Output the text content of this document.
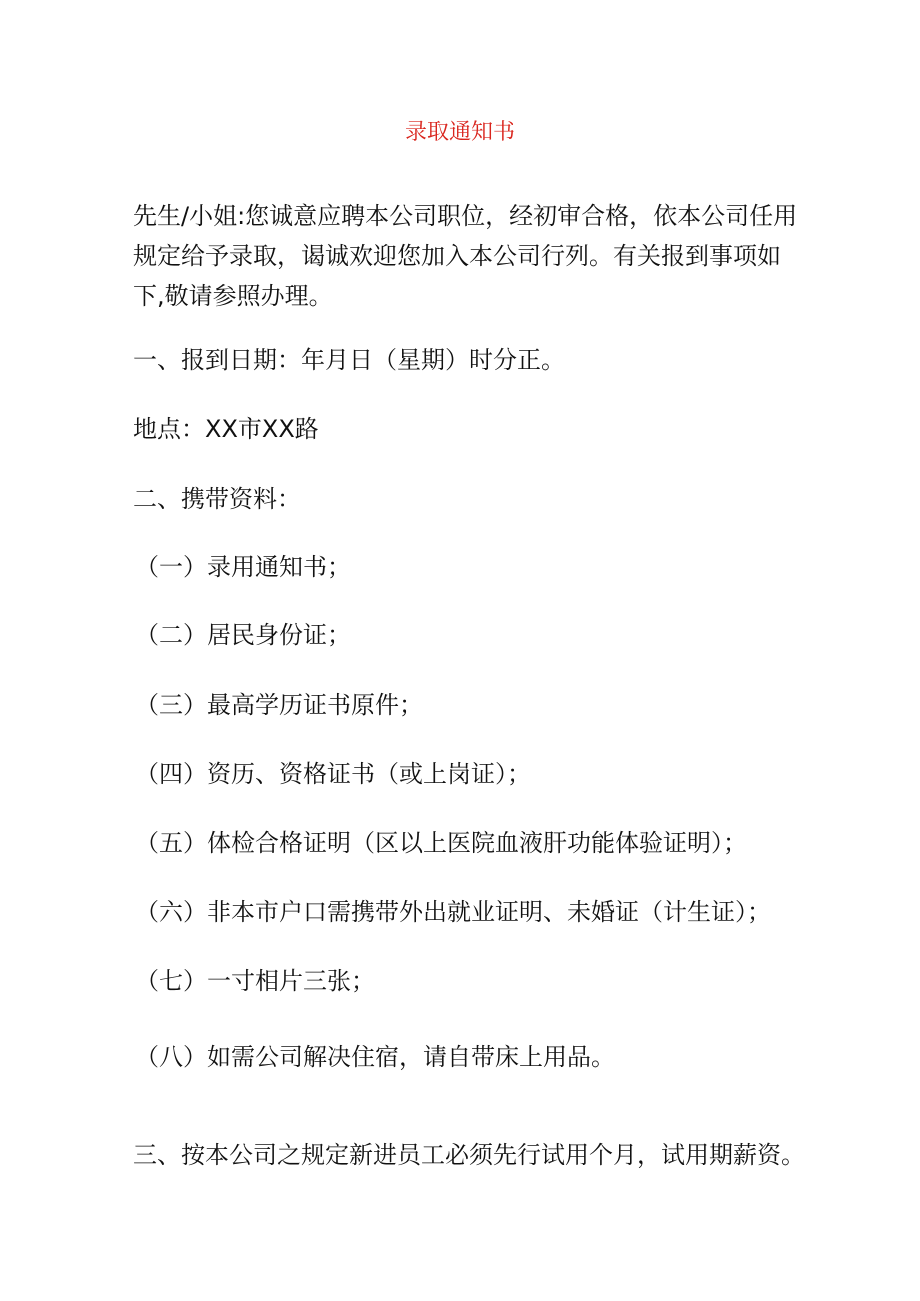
录取通知书
先生/小姐:您诚意应聘本公司职位，经初审合格，依本公司任用
规定给予录取，谒诚欢迎您加入本公司行列。有关报到事项如
下,敬请参照办理。
一、报到日期：年月日（星期）时分正。
地点：XX市XX路
二、携带资料：
（一）录用通知书；
（二）居民身份证；
（三）最高学历证书原件；
（四）资历、资格证书（或上岗证）；
（五）体检合格证明（区以上医院血液肝功能体验证明）；
（六）非本市户口需携带外出就业证明、未婚证（计生证）；
（七）一寸相片三张；
（八）如需公司解决住宿，请自带床上用品。
三、按本公司之规定新进员工必须先行试用个月，试用期薪资。
